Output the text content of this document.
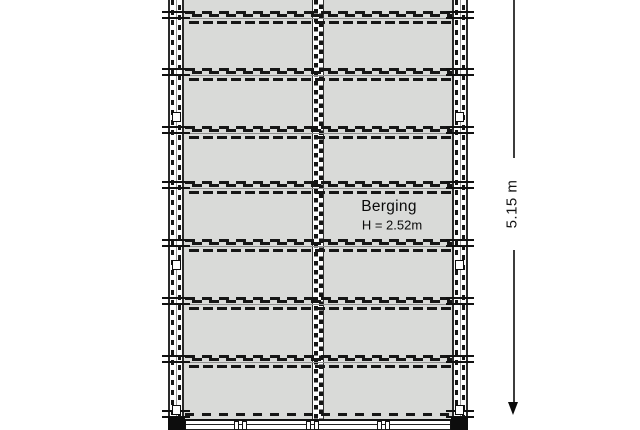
5.15 m
Berging
H = 2.52m
